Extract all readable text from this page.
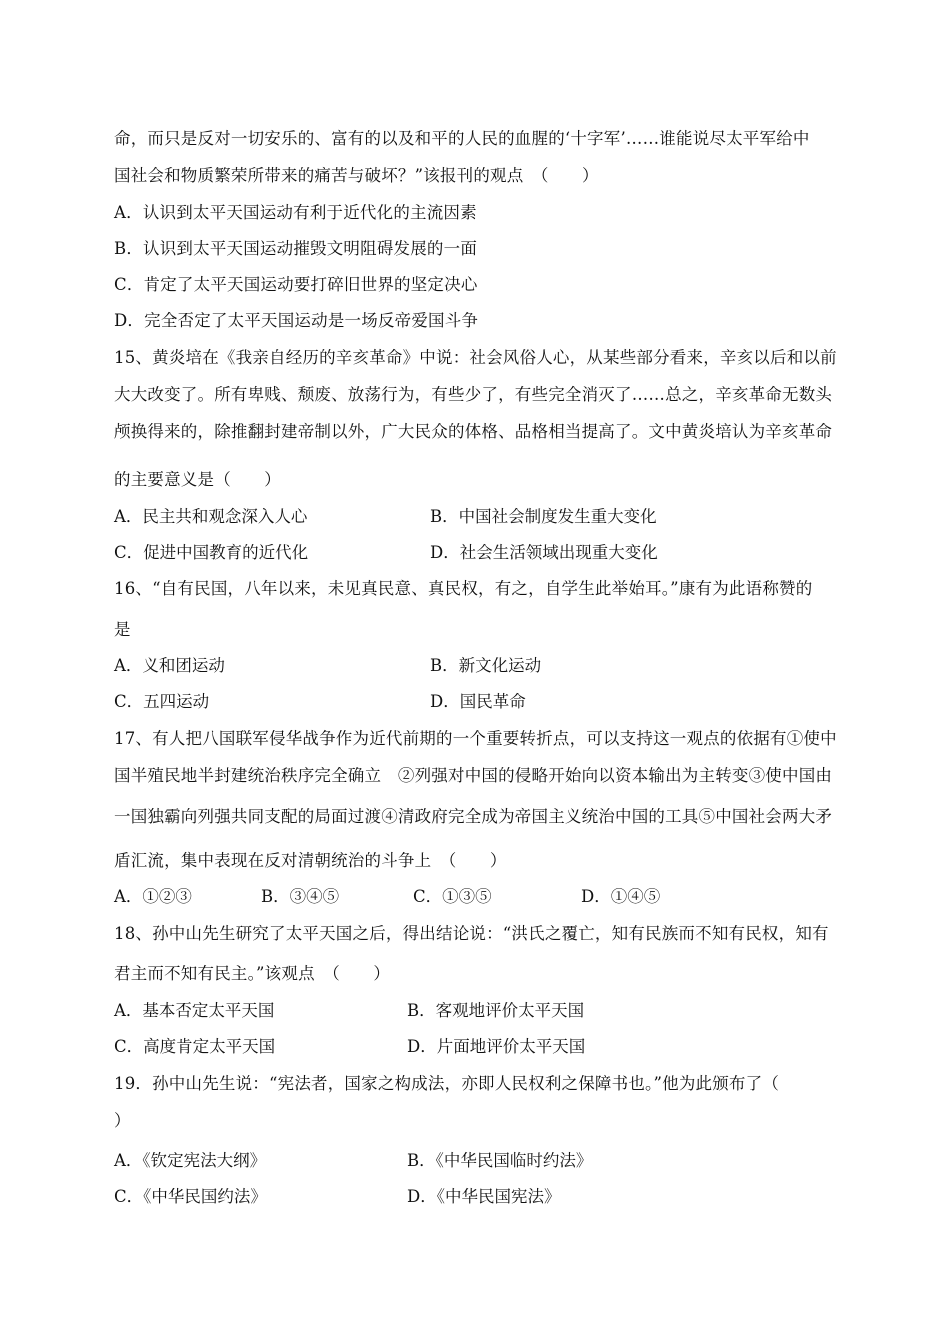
命，而只是反对一切安乐的、富有的以及和平的人民的血腥的‘十字军’……谁能说尽太平军给中
国社会和物质繁荣所带来的痛苦与破坏？”该报刊的观点　（　　）
A．认识到太平天国运动有利于近代化的主流因素
B．认识到太平天国运动摧毁文明阻碍发展的一面
C．肯定了太平天国运动要打碎旧世界的坚定决心
D．完全否定了太平天国运动是一场反帝爱国斗争
15、黄炎培在《我亲自经历的辛亥革命》中说：社会风俗人心，从某些部分看来，辛亥以后和以前
大大改变了。所有卑贱、颓废、放荡行为，有些少了，有些完全消灭了……总之，辛亥革命无数头
颅换得来的，除推翻封建帝制以外，广大民众的体格、品格相当提高了。文中黄炎培认为辛亥革命
的主要意义是（　　）
A．民主共和观念深入人心	B．中国社会制度发生重大变化
C．促进中国教育的近代化	D．社会生活领域出现重大变化
16、“自有民国，八年以来，未见真民意、真民权，有之，自学生此举始耳。”康有为此语称赞的
是
A．义和团运动	B．新文化运动
C．五四运动	D．国民革命
17、有人把八国联军侵华战争作为近代前期的一个重要转折点，可以支持这一观点的依据有①使中
国半殖民地半封建统治秩序完全确立　②列强对中国的侵略开始向以资本输出为主转变③使中国由
一国独霸向列强共同支配的局面过渡④清政府完全成为帝国主义统治中国的工具⑤中国社会两大矛
盾汇流，集中表现在反对清朝统治的斗争上　（　　）
A．①②③	B．③④⑤	C．①③⑤	D．①④⑤
18、孙中山先生研究了太平天国之后，得出结论说：“洪氏之覆亡，知有民族而不知有民权，知有
君主而不知有民主。”该观点　（　　）
A．基本否定太平天国	B．客观地评价太平天国
C．高度肯定太平天国	D．片面地评价太平天国
19．孙中山先生说：“宪法者，国家之构成法，亦即人民权利之保障书也。”他为此颁布了（
）
A．《钦定宪法大纲》	B．《中华民国临时约法》
C．《中华民国约法》	D．《中华民国宪法》
